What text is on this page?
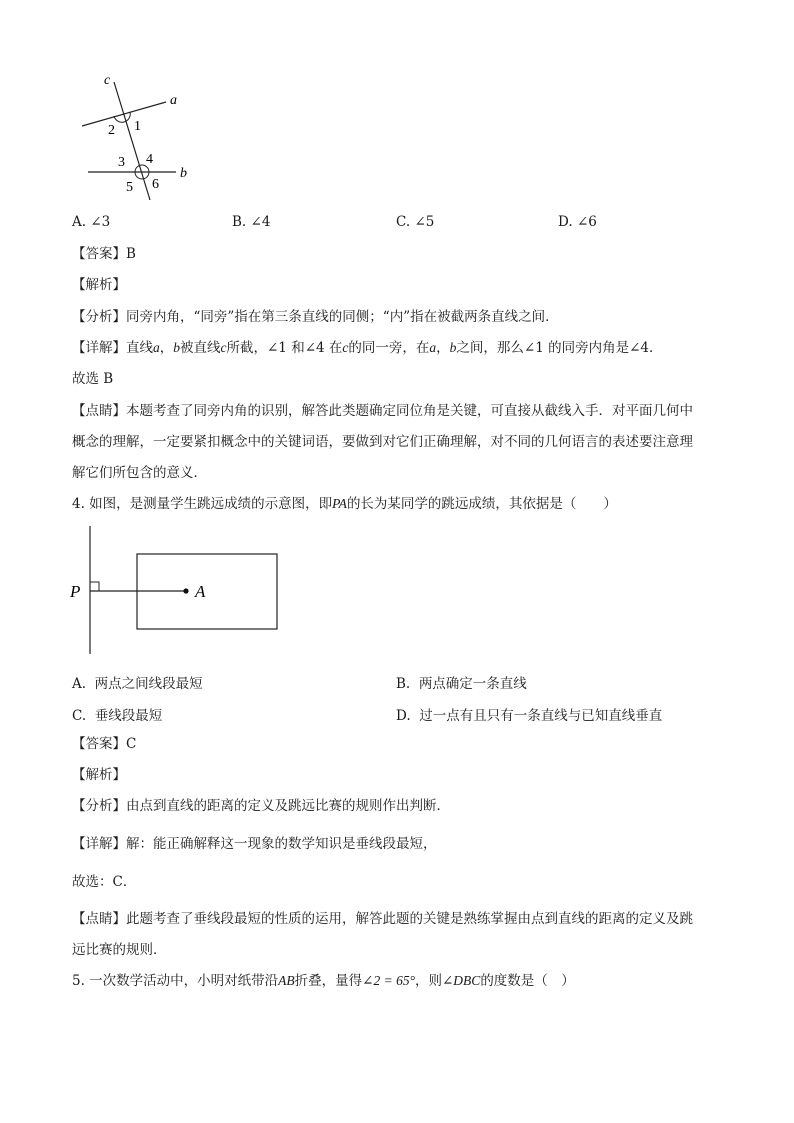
c
a
b
1
2
3 4
5 6
A. ∠3	B. ∠4	C. ∠5	D. ∠6
【答案】B
【解析】
【分析】同旁内角，“同旁”指在第三条直线的同侧；“内”指在被截两条直线之间．
【详解】直线a，b被直线c所截，∠1 和∠4 在c的同一旁，在a，b之间，那么∠1 的同旁内角是∠4．
故选 B
【点睛】本题考查了同旁内角的识别，解答此类题确定同位角是关键，可直接从截线入手．对平面几何中
概念的理解，一定要紧扣概念中的关键词语，要做到对它们正确理解，对不同的几何语言的表述要注意理
解它们所包含的意义．
4. 如图，是测量学生跳远成绩的示意图，即PA的长为某同学的跳远成绩，其依据是（　　）
P	A
A. 两点之间线段最短	B. 两点确定一条直线
C. 垂线段最短	D. 过一点有且只有一条直线与已知直线垂直
【答案】C
【解析】
【分析】由点到直线的距离的定义及跳远比赛的规则作出判断．
【详解】解：能正确解释这一现象的数学知识是垂线段最短，
故选：C．
【点睛】此题考查了垂线段最短的性质的运用，解答此题的关键是熟练掌握由点到直线的距离的定义及跳
远比赛的规则．
5. 一次数学活动中，小明对纸带沿AB折叠，量得∠2 = 65°，则∠DBC的度数是（　）
